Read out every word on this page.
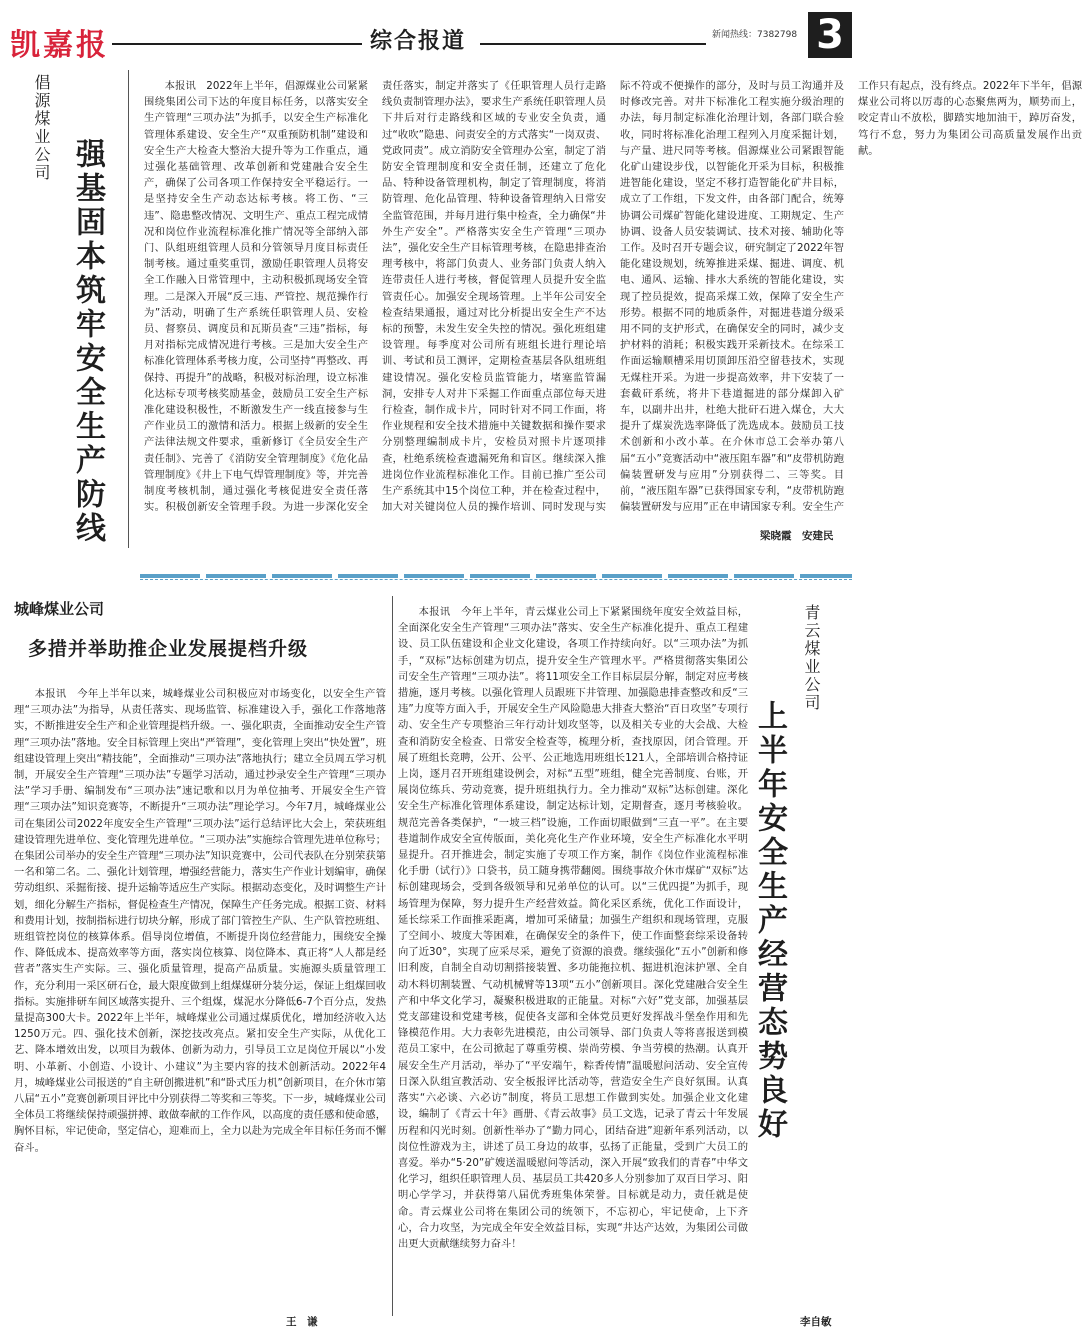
凯嘉报	综合报道	新闻热线：7382798 3
倡源煤业公司
强基固本筑牢安全生产防线

本报讯　2022年上半年，倡源煤业公司紧紧围绕集团公司下达的年度目标任务，以落实安全生产管理“三项办法”为抓手，以安全生产标准化管理体系建设、安全生产“双重预防机制”建设和安全生产大检查大整治大提升等为工作重点，通过强化基础管理、改革创新和党建融合安全生产，确保了公司各项工作保持安全平稳运行。一是坚持安全生产动态达标考核。将工伤、“三违”、隐患整改情况、文明生产、重点工程完成情况和岗位作业流程标准化推广情况等全部纳入部门、队组班组管理人员和分管领导月度目标责任制考核。通过重奖重罚，激励任职管理人员将安全工作融入日常管理中，主动积极抓现场安全管理。二是深入开展“反三违、严管控、规范操作行为”活动，明确了生产系统任职管理人员、安检员、督察员、调度员和瓦斯员查“三违”指标，每月对指标完成情况进行考核。三是加大安全生产标准化管理体系考核力度，公司坚持“再整改、再保持、再提升”的战略，积极对标治理，设立标准化达标专项考核奖励基金，鼓励员工安全生产标准化建设积极性，不断激发生产一线直接参与生产作业员工的激情和活力。根据上级新的安全生产法律法规文件要求，重新修订《全员安全生产责任制》、完善了《消防安全管理制度》《危化品管理制度》《井上下电气焊管理制度》等，并完善制度考核机制，通过强化考核促进安全责任落实。积极创新安全管理手段。为进一步深化安全责任落实，制定并落实了《任职管理人员行走路线负责制管理办法》，要求生产系统任职管理人员下井后对行走路线和区域的专业安全负责，通过“收吹”隐患、问责安全的方式落实“一岗双责、党政同责”。成立消防安全管理办公室，制定了消防安全管理制度和安全责任制，还建立了危化品、特种设备管理机构，制定了管理制度，将消防管理、危化品管理、特种设备管理纳入日常安全监管范围，并每月进行集中检查，全力确保“井外生产安全”。严格落实安全生产管理“三项办法”，强化安全生产目标管理考核，在隐患排查治理考核中，将部门负责人、业务部门负责人纳入连带责任人进行考核，督促管理人员提升安全监管责任心。加强安全现场管理。上半年公司安全检查结果通报，通过对比分析提出安全生产不达标的预警，未发生安全失控的情况。强化班组建设管理。每季度对公司所有班组长进行理论培训、考试和员工测评，定期检查基层各队组班组建设情况。强化安检员监管能力，堵塞监管漏洞，安排专人对井下采掘工作面重点部位每天进行检查，制作成卡片，同时针对不同工作面，将作业规程和安全技术措施中关键数据和操作要求分别整理编制成卡片，安检员对照卡片逐项排查，杜绝系统检查遗漏死角和盲区。继续深入推进岗位作业流程标准化工作。目前已推广至公司生产系统其中15个岗位工种，并在检查过程中，加大对关键岗位人员的操作培训、同时发现与实际不符或不便操作的部分，及时与员工沟通并及时修改完善。对井下标准化工程实施分级治理的办法，每月制定标准化治理计划，各部门联合验收，同时将标准化治理工程列入月度采掘计划，与产量、进尺同等考核。倡源煤业公司紧跟智能化矿山建设步伐，以智能化开采为目标，积极推进智能化建设，坚定不移打造智能化矿井目标，成立了工作组，下发文件，由各部门配合，统筹协调公司煤矿智能化建设进度、工期规定、生产协调、设备人员安装调试、技术对接、辅助化等工作。及时召开专题会议，研究制定了2022年智能化建设规划，统筹推进采煤、掘进、调度、机电、通风、运输、排水大系统的智能化建设，实现了控员提效，提高采煤工效，保障了安全生产形势。根据不同的地质条件，对掘进巷道分级采用不同的支护形式，在确保安全的同时，减少支护材料的消耗；积极实践开采新技术。在综采工作面运输顺槽采用切顶卸压沿空留巷技术，实现无煤柱开采。为进一步提高效率，井下安装了一套截矸系统，将井下巷道掘进的部分煤卸入矿车，以副井出井，杜绝大批矸石进入煤仓，大大提升了煤炭洗选率降低了洗选成本。鼓励员工技术创新和小改小革。在介休市总工会举办第八届“五小”竞赛活动中“液压阻车器”和“皮带机防跑偏装置研发与应用”分别获得二、三等奖。目前，“液压阻车器”已获得国家专利，“皮带机防跑偏装置研发与应用”正在申请国家专利。安全生产工作只有起点，没有终点。2022年下半年，倡源煤业公司将以厉毒的心态聚焦两为，顺势而上，咬定青山不放松，脚踏实地加油干，踔厉奋发，笃行不怠，努力为集团公司高质量发展作出贡献。

梁晓霞　安建民
城峰煤业公司
多措并举助推企业发展提档升级

本报讯　今年上半年以来，城峰煤业公司积极应对市场变化，以安全生产管理“三项办法”为指导，从责任落实、现场监管、标准建设入手，强化工作落地落实，不断推进安全生产和企业管理提档升级。一、强化职责，全面推动安全生产管理“三项办法”落地。安全目标管理上突出“严管理”，变化管理上突出“快处置”，班组建设管理上突出“精技能”，全面推动“三项办法”落地执行；建立全员周五学习机制，开展安全生产管理“三项办法”专题学习活动，通过抄录安全生产管理“三项办法”学习手册、编制发布“三项办法”速记歌和以月为单位抽考、开展安全生产管理“三项办法”知识竞赛等，不断提升“三项办法”理论学习。今年7月，城峰煤业公司在集团公司2022年度安全生产管理“三项办法”运行总结评比大会上，荣获班组建设管理先进单位、变化管理先进单位。“三项办法”实施综合管理先进单位称号；在集团公司举办的安全生产管理“三项办法”知识竞赛中，公司代表队在分别荣获第一名和第二名。二、强化计划管理，增强经营能力，落实生产作业计划编审，确保劳动组织、采掘衔接、提升运输等适应生产实际。根据动态变化，及时调整生产计划，细化分解生产指标，督促检查生产情况，保障生产任务完成。根据工资、材料和费用计划，按制指标进行切块分解，形成了部门管控生产队、生产队管控班组、班组管控岗位的核算体系。倡导岗位增值，不断提升岗位经营能力，围绕安全操作、降低成本、提高效率等方面，落实岗位核算、岗位降本、真正将“人人都是经营者”落实生产实际。三、强化质量管理，提高产品质量。实施源头质量管理工作，充分利用一采区研石仓，最大限度做到上组煤煤研分装分运，保证上组煤回收指标。实施排研车间区域落实提升、三个组煤，煤泥水分降低6-7个百分点，发热量提高300大卡。2022年上半年，城峰煤业公司通过煤质优化，增加经济收入达1250万元。四、强化技术创新，深挖技改亮点。紧扣安全生产实际，从优化工艺、降本增效出发，以项目为载体、创新为动力，引导员工立足岗位开展以“小发明、小革新、小创造、小设计、小建议”为主要内容的技术创新活动。2022年4月，城峰煤业公司报送的“自主研创搬进机”和“卧式压力机”创新项目，在介休市第八届“五小”竞赛创新项目评比中分别获得二等奖和三等奖。下一步，城峰煤业公司全体员工将继续保持顽强拼搏、敢做奉献的工作作风，以高度的责任感和使命感，胸怀目标，牢记使命，坚定信心，迎难而上，全力以赴为完成全年目标任务而不懈奋斗。

王　谦

本报讯　今年上半年，青云煤业公司上下紧紧围绕年度安全效益目标，全面深化安全生产管理“三项办法”落实、安全生产标准化提升、重点工程建设、员工队伍建设和企业文化建设，各项工作持续向好。以“三项办法”为抓手，“双标”达标创建为切点，提升安全生产管理水平。严格贯彻落实集团公司安全生产管理“三项办法”。将11项安全工作目标层层分解，制定对应考核措施，逐月考核。以强化管理人员跟班下井管理、加强隐患排查整改和反“三违”力度等方面入手，开展安全生产风险隐患大排查大整治“百日攻坚”专项行动、安全生产专项整治三年行动计划攻坚等，以及相关专业的大会战、大检查和消防安全检查、日常安全检查等，梳理分析，查找原因，闭合管理。开展了班组长竞聘，公开、公平、公正地选用班组长121人，全部培训合格持证上岗，逐月召开班组建设例会，对标“五型”班组，健全完善制度、台账，开展岗位练兵、劳动竞赛，提升班组执行力。全力推动“双标”达标创建。深化安全生产标准化管理体系建设，制定达标计划，定期督查，逐月考核验收。规范完善各类保护，“一坡三档”设施，工作面切眼做到“三直一平”。在主要巷道制作成安全宣传版面，美化亮化生产作业环境，安全生产标准化水平明显提升。召开推进会，制定实施了专项工作方案，制作《岗位作业流程标准化手册（试行）》口袋书，员工随身携带翻阅。围绕事故介休市煤矿“双标”达标创建现场会，受到各级领导和兄弟单位的认可。以“三优四提”为抓手，现场管理为保障，努力提升生产经营效益。简化采区系统，优化工作面设计，延长综采工作面推采距离，增加可采储量；加强生产组织和现场管理，克服了空间小、坡度大等困难，在确保安全的条件下，使工作面整套综采设备转向了近30°，实现了应采尽采，避免了资源的浪费。继续强化“五小”创新和修旧利废，自制全自动切割搭接装置、多功能拖拉机、掘进机泡沫护罩、全自动木料切割装置、气动机械臂等13项“五小”创新项目。深化党建融合安全生产和中华文化学习，凝聚积极进取的正能量。对标“六好”党支部，加强基层党支部建设和党建考核，促使各支部和全体党员更好发挥战斗堡垒作用和先锋模范作用。大力表彰先进模范，由公司领导、部门负责人等将喜报送到模范员工家中，在公司掀起了尊重劳模、崇尚劳模、争当劳模的热潮。认真开展安全生产月活动，举办了“平安端午，粽香传情”温暖慰问活动、安全宣传日深入队组宣教活动、安全板报评比活动等，营造安全生产良好氛围。认真落实“六必谈、六必访”制度，将员工思想工作做到实处。加强企业文化建设，编制了《青云十年》画册、《青云故事》员工文选，记录了青云十年发展历程和闪光时刻。创新性举办了“勤力同心，团结奋进”迎新年系列活动，以岗位性游戏为主，讲述了员工身边的故事，弘扬了正能量，受到广大员工的喜爱。举办“5·20”矿嫂送温暖慰问等活动，深入开展“致我们的青春”中华文化学习，组织任职管理人员、基层员工共420多人分别参加了双百日学习、阳明心学学习，并获得第八届优秀班集体荣誉。目标就是动力，责任就是使命。青云煤业公司将在集团公司的统领下，不忘初心，牢记使命，上下齐心，合力攻坚，为完成全年安全效益目标，实现“井达产达效，为集团公司做出更大贡献继续努力奋斗！

青云煤业公司
上半年安全生产经营态势良好
李自敏
